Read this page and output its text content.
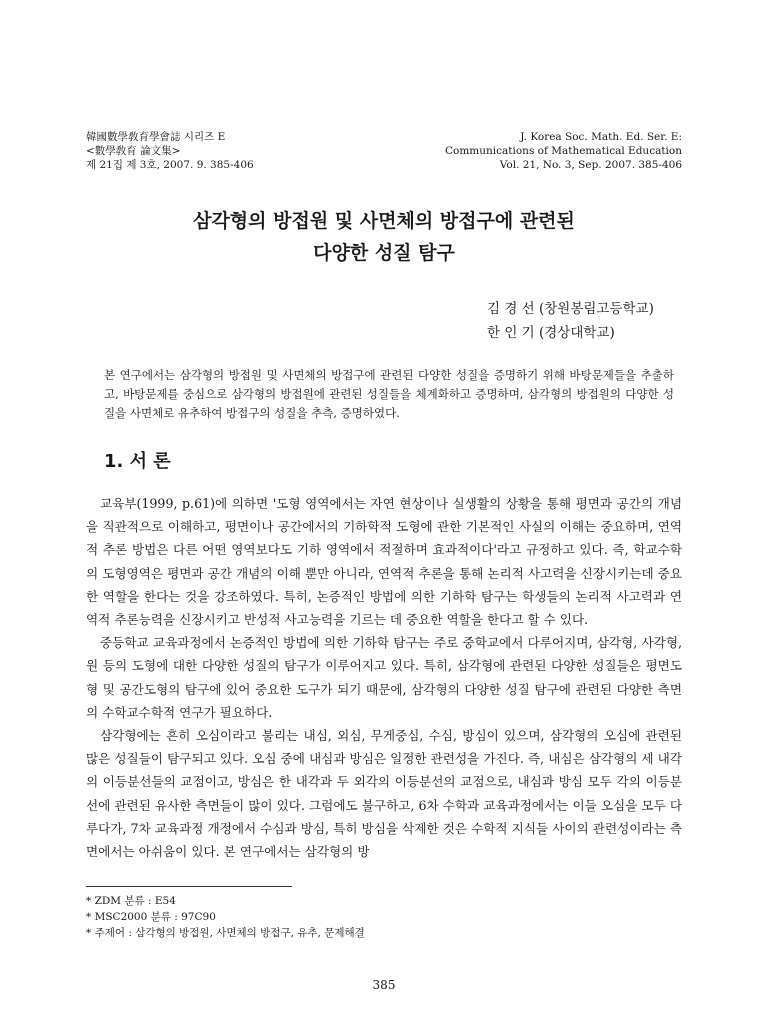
韓國數學敎育學會誌 시리즈 E
<數學敎育 論文集>
제 21집 제 3호, 2007. 9. 385-406
J. Korea Soc. Math. Ed. Ser. E:
Communications of Mathematical Education
Vol. 21, No. 3, Sep. 2007. 385-406
삼각형의 방접원 및 사면체의 방접구에 관련된
다양한 성질 탐구
김 경 선 (창원봉림고등학교)
한 인 기 (경상대학교)
본 연구에서는 삼각형의 방접원 및 사면체의 방접구에 관련된 다양한 성질을 증명하기 위해 바탕문제들을 추출하고, 바탕문제를 중심으로 삼각형의 방접원에 관련된 성질들을 체계화하고 증명하며, 삼각형의 방접원의 다양한 성질을 사면체로 유추하여 방접구의 성질을 추측, 증명하였다.
1. 서 론

교육부(1999, p.61)에 의하면 '도형 영역에서는 자연 현상이나 실생활의 상황을 통해 평면과 공간의 개념을 직관적으로 이해하고, 평면이나 공간에서의 기하학적 도형에 관한 기본적인 사실의 이해는 중요하며, 연역적 추론 방법은 다른 어떤 영역보다도 기하 영역에서 적절하며 효과적이다'라고 규정하고 있다. 즉, 학교수학의 도형영역은 평면과 공간 개념의 이해 뿐만 아니라, 연역적 추론을 통해 논리적 사고력을 신장시키는데 중요한 역할을 한다는 것을 강조하였다. 특히, 논증적인 방법에 의한 기하학 탐구는 학생들의 논리적 사고력과 연역적 추론능력을 신장시키고 반성적 사고능력을 기르는 데 중요한 역할을 한다고 할 수 있다.

중등학교 교육과정에서 논증적인 방법에 의한 기하학 탐구는 주로 중학교에서 다루어지며, 삼각형, 사각형, 원 등의 도형에 대한 다양한 성질의 탐구가 이루어지고 있다. 특히, 삼각형에 관련된 다양한 성질들은 평면도형 및 공간도형의 탐구에 있어 중요한 도구가 되기 때문에, 삼각형의 다양한 성질 탐구에 관련된 다양한 측면의 수학교수학적 연구가 필요하다.

삼각형에는 흔히 오심이라고 불리는 내심, 외심, 무게중심, 수심, 방심이 있으며, 삼각형의 오심에 관련된 많은 성질들이 탐구되고 있다. 오심 중에 내심과 방심은 일정한 관련성을 가진다. 즉, 내심은 삼각형의 세 내각의 이등분선들의 교점이고, 방심은 한 내각과 두 외각의 이등분선의 교점으로, 내심과 방심 모두 각의 이등분선에 관련된 유사한 측면들이 많이 있다. 그럼에도 불구하고, 6차 수학과 교육과정에서는 이들 오심을 모두 다루다가, 7차 교육과정 개정에서 수심과 방심, 특히 방심을 삭제한 것은 수학적 지식들 사이의 관련성이라는 측면에서는 아쉬움이 있다. 본 연구에서는 삼각형의 방

* ZDM 분류 : E54
* MSC2000 분류 : 97C90
* 주제어 : 삼각형의 방접원, 사면체의 방접구, 유추, 문제해결
385
